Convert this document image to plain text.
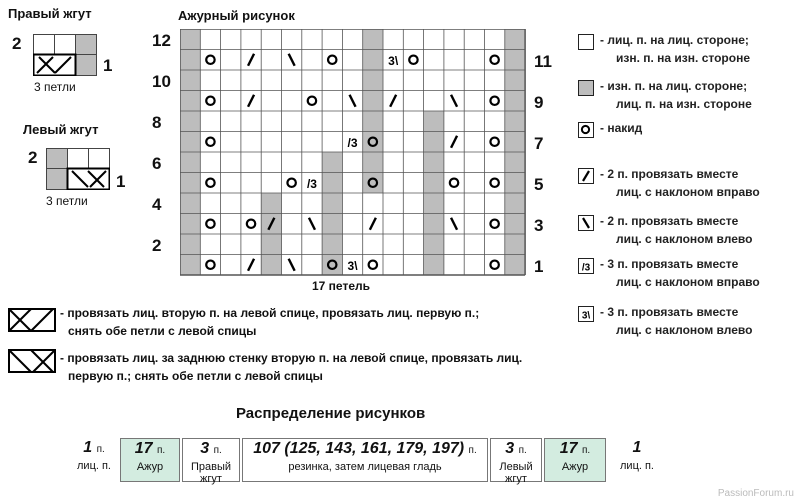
Правый жгут
2
1
3 петли
Левый жгут
2
1
3 петли
Ажурный рисунок
12
10
8
6
4
2
11
9
7
5
3
1
3\
/3
/3
3\
17 петель
- лиц. п. на лиц. стороне;
изн. п. на изн. стороне
- изн. п. на лиц. стороне;
лиц. п. на изн. стороне
- накид
- 2 п. провязать вместе
лиц. с наклоном вправо
- 2 п. провязать вместе
лиц. с наклоном влево
/3 - 3 п. провязать вместе
лиц. с наклоном вправо
3\ - 3 п. провязать вместе
лиц. с наклоном влево
- провязать лиц. вторую п. на левой спице, провязать лиц. первую п.;
снять обе петли с левой спицы
- провязать лиц. за заднюю стенку вторую п. на левой спице, провязать лиц.
первую п.; снять обе петли с левой спицы
Распределение рисунков
1 п.
лиц. п.
17 п.
Ажур
3 п.
Правый жгут
107 (125, 143, 161, 179, 197) п.
резинка, затем лицевая гладь
3 п.
Левый жгут
17 п.
Ажур
1
лиц. п.
PassionForum.ru
